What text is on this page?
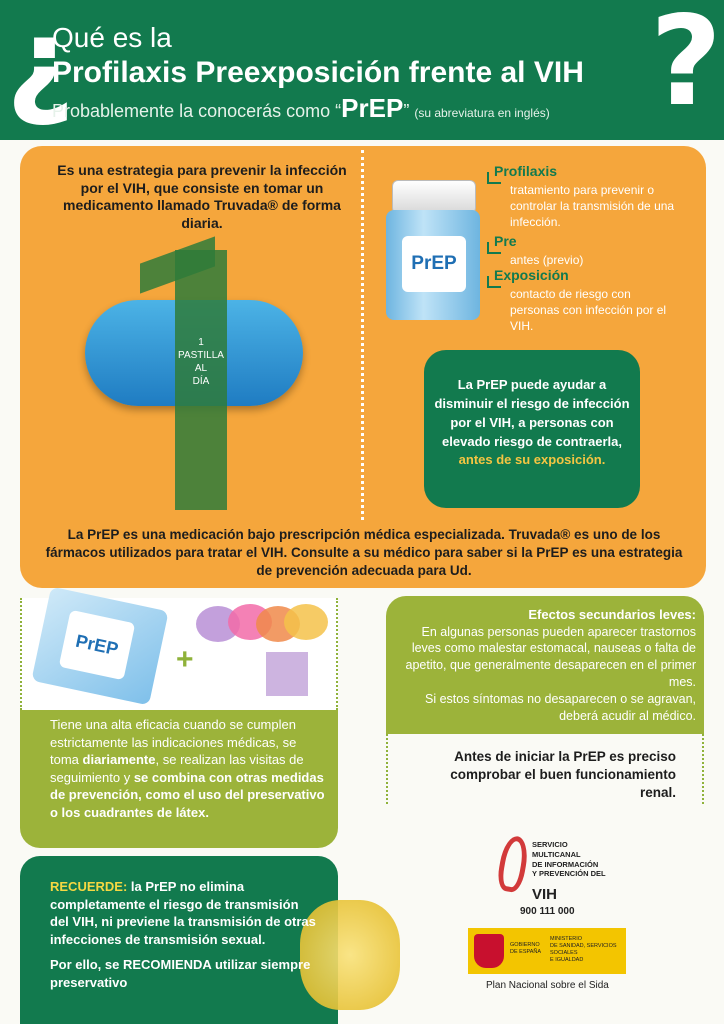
¿	?
Qué es la
Profilaxis Preexposición frente al VIH
Probablemente la conocerás como “PrEP” (su abreviatura en inglés)
Es una estrategia para prevenir la infección por el VIH, que consiste en tomar un medicamento llamado Truvada® de forma diaria.
1
PASTILLA
AL
DÍA
PrEP
Profilaxis
tratamiento para prevenir o controlar la transmisión de una infección.
Pre
antes (previo)
Exposición
contacto de riesgo con personas con infección por el VIH.
La PrEP puede ayudar a disminuir el riesgo de infección por el VIH, a personas con elevado riesgo de contraerla,
antes de su exposición.
La PrEP es una medicación bajo prescripción médica especializada. Truvada® es uno de los fármacos utilizados para tratar el VIH. Consulte a su médico para saber si la PrEP es una estrategia de prevención adecuada para Ud.
PrEP	+
Tiene una alta eficacia cuando se cumplen estrictamente las indicaciones médicas, se toma diariamente, se realizan las visitas de seguimiento y se combina con otras medidas de prevención, como el uso del preservativo o los cuadrantes de látex.
Efectos secundarios leves:
En algunas personas pueden aparecer trastornos leves como malestar estomacal, nauseas o falta de apetito, que generalmente desaparecen en el primer mes.
Si estos síntomas no desaparecen o se agravan, deberá acudir al médico.
Antes de iniciar la PrEP es preciso comprobar el buen funcionamiento renal.
RECUERDE: la PrEP no elimina completamente el riesgo de transmisión del VIH, ni previene la transmisión de otras infecciones de transmisión sexual.
Por ello, se RECOMIENDA utilizar siempre preservativo
SERVICIO
MULTICANAL
DE INFORMACIÓN
Y PREVENCIÓN DEL
VIH
900 111 000
GOBIERNO
DE ESPAÑA
MINISTERIO
DE SANIDAD, SERVICIOS SOCIALES
E IGUALDAD
Plan Nacional sobre el Sida
